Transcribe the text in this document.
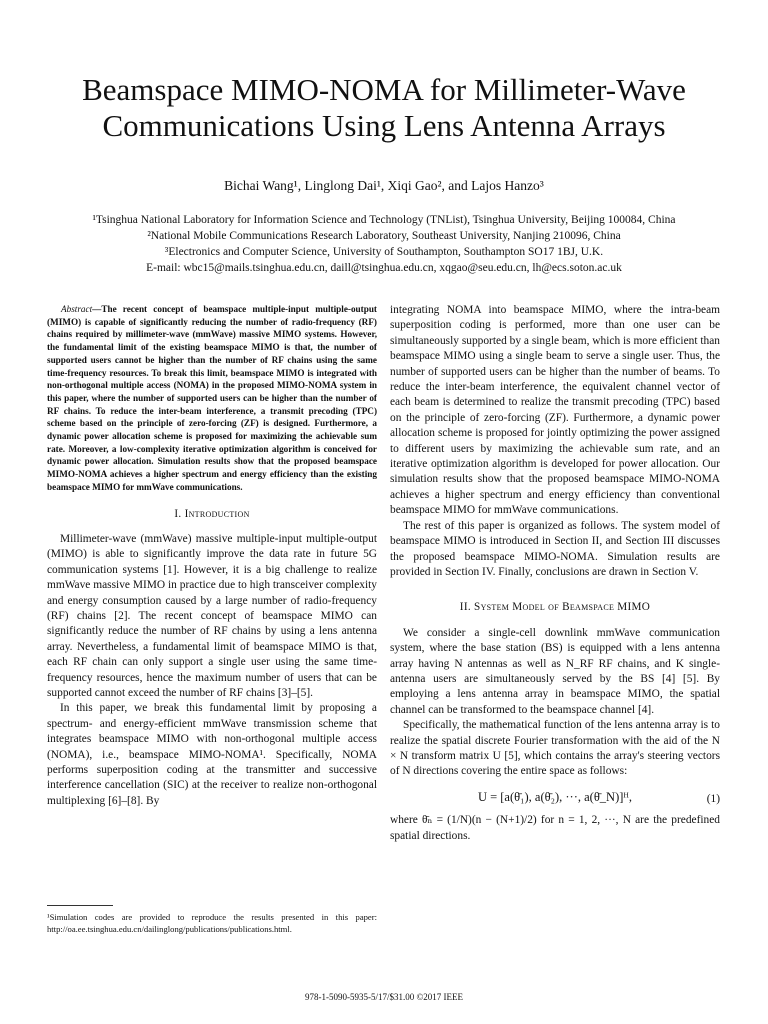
Beamspace MIMO-NOMA for Millimeter-Wave
Communications Using Lens Antenna Arrays
Bichai Wang¹, Linglong Dai¹, Xiqi Gao², and Lajos Hanzo³
¹Tsinghua National Laboratory for Information Science and Technology (TNList), Tsinghua University, Beijing 100084, China
²National Mobile Communications Research Laboratory, Southeast University, Nanjing 210096, China
³Electronics and Computer Science, University of Southampton, Southampton SO17 1BJ, U.K.
E-mail: wbc15@mails.tsinghua.edu.cn, daill@tsinghua.edu.cn, xqgao@seu.edu.cn, lh@ecs.soton.ac.uk

Abstract—The recent concept of beamspace multiple-input multiple-output (MIMO) is capable of significantly reducing the number of radio-frequency (RF) chains required by millimeter-wave (mmWave) massive MIMO systems. However, the fundamental limit of the existing beamspace MIMO is that, the number of supported users cannot be higher than the number of RF chains using the same time-frequency resources. To break this limit, beamspace MIMO is integrated with non-orthogonal multiple access (NOMA) in the proposed MIMO-NOMA system in this paper, where the number of supported users can be higher than the number of RF chains. To reduce the inter-beam interference, a transmit precoding (TPC) scheme based on the principle of zero-forcing (ZF) is designed. Furthermore, a dynamic power allocation scheme is proposed for maximizing the achievable sum rate. Moreover, a low-complexity iterative optimization algorithm is conceived for dynamic power allocation. Simulation results show that the proposed beamspace MIMO-NOMA achieves a higher spectrum and energy efficiency than the existing beamspace MIMO for mmWave communications.

I. Introduction

Millimeter-wave (mmWave) massive multiple-input multiple-output (MIMO) is able to significantly improve the data rate in future 5G communication systems [1]. However, it is a big challenge to realize mmWave massive MIMO in practice due to high transceiver complexity and energy consumption caused by a large number of radio-frequency (RF) chains [2]. The recent concept of beamspace MIMO can significantly reduce the number of RF chains by using a lens antenna array. Nevertheless, a fundamental limit of beamspace MIMO is that, each RF chain can only support a single user using the same time-frequency resources, hence the maximum number of users that can be supported cannot exceed the number of RF chains [3]–[5].

In this paper, we break this fundamental limit by proposing a spectrum- and energy-efficient mmWave transmission scheme that integrates beamspace MIMO with non-orthogonal multiple access (NOMA), i.e., beamspace MIMO-NOMA¹. Specifically, NOMA performs superposition coding at the transmitter and successive interference cancellation (SIC) at the receiver to realize non-orthogonal multiplexing [6]–[8]. By

integrating NOMA into beamspace MIMO, where the intra-beam superposition coding is performed, more than one user can be simultaneously supported by a single beam, which is more efficient than beamspace MIMO using a single beam to serve a single user. Thus, the number of supported users can be higher than the number of beams. To reduce the inter-beam interference, the equivalent channel vector of each beam is determined to realize the transmit precoding (TPC) based on the principle of zero-forcing (ZF). Furthermore, a dynamic power allocation scheme is proposed for jointly optimizing the power assigned to different users by maximizing the achievable sum rate, and an iterative optimization algorithm is developed for power allocation. Our simulation results show that the proposed beamspace MIMO-NOMA achieves a higher spectrum and energy efficiency than conventional beamspace MIMO for mmWave communications.

The rest of this paper is organized as follows. The system model of beamspace MIMO is introduced in Section II, and Section III discusses the proposed beamspace MIMO-NOMA. Simulation results are provided in Section IV. Finally, conclusions are drawn in Section V.

II. System Model of Beamspace MIMO

We consider a single-cell downlink mmWave communication system, where the base station (BS) is equipped with a lens antenna array having N antennas as well as N_RF RF chains, and K single-antenna users are simultaneously served by the BS [4] [5]. By employing a lens antenna array in beamspace MIMO, the spatial channel can be transformed to the beamspace channel [4].

Specifically, the mathematical function of the lens antenna array is to realize the spatial discrete Fourier transformation with the aid of the N × N transform matrix U [5], which contains the array's steering vectors of N directions covering the entire space as follows:

U = [a(θ̄₁), a(θ̄₂), ···, a(θ̄_N)]ᴴ,	(1)

where θ̄ₙ = (1/N)(n − (N+1)/2) for n = 1, 2, ···, N are the predefined spatial directions.

¹Simulation codes are provided to reproduce the results presented in this paper: http://oa.ee.tsinghua.edu.cn/dailinglong/publications/publications.html.
978-1-5090-5935-5/17/$31.00 ©2017 IEEE
